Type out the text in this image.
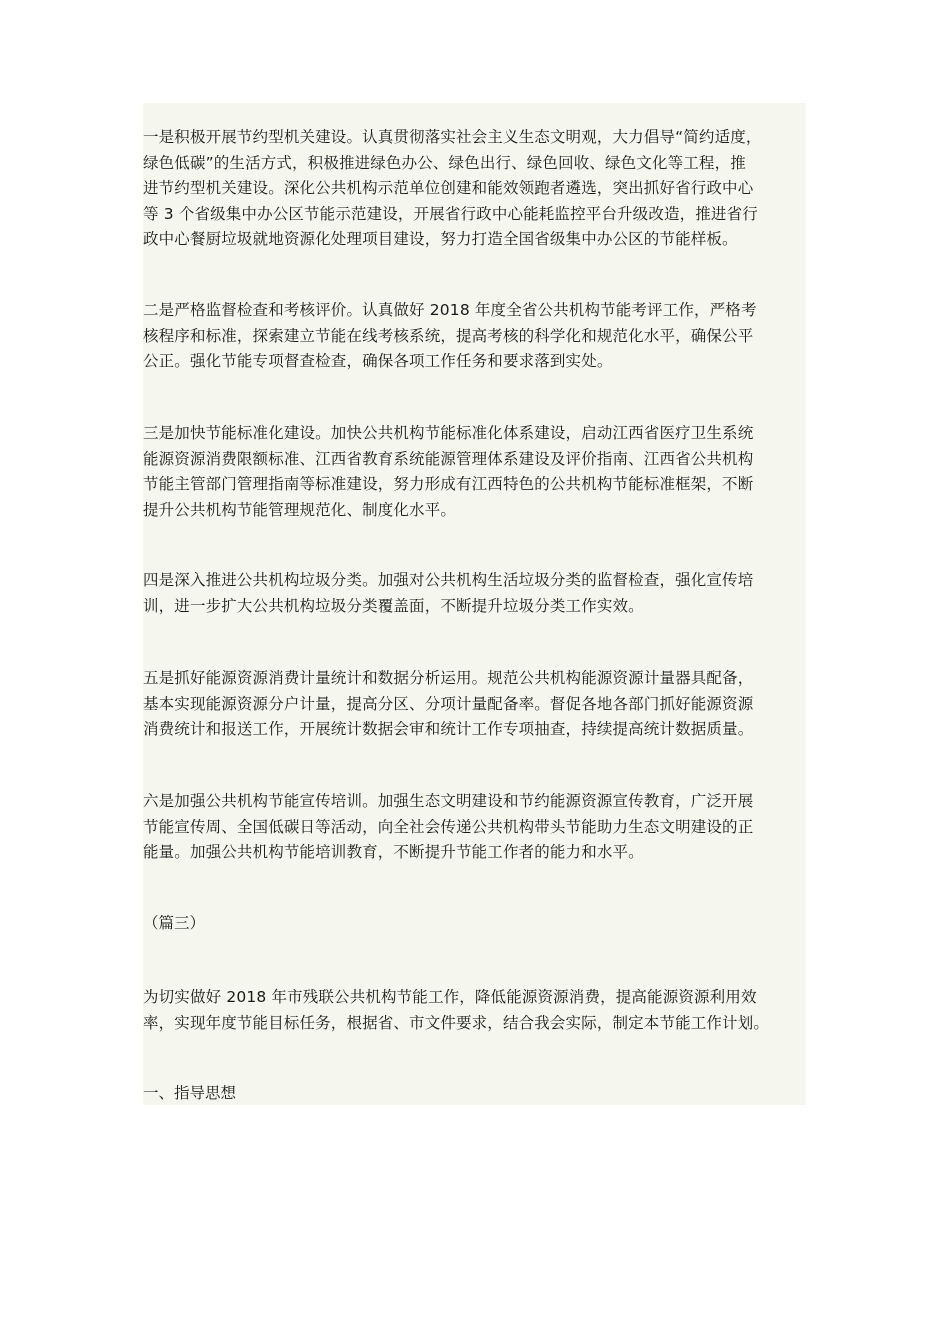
一是积极开展节约型机关建设。认真贯彻落实社会主义生态文明观，大力倡导“简约适度，
绿色低碳”的生活方式，积极推进绿色办公、绿色出行、绿色回收、绿色文化等工程，推
进节约型机关建设。深化公共机构示范单位创建和能效领跑者遴选，突出抓好省行政中心
等 3 个省级集中办公区节能示范建设，开展省行政中心能耗监控平台升级改造，推进省行
政中心餐厨垃圾就地资源化处理项目建设，努力打造全国省级集中办公区的节能样板。

二是严格监督检查和考核评价。认真做好 2018 年度全省公共机构节能考评工作，严格考
核程序和标准，探索建立节能在线考核系统，提高考核的科学化和规范化水平，确保公平
公正。强化节能专项督查检查，确保各项工作任务和要求落到实处。

三是加快节能标准化建设。加快公共机构节能标准化体系建设，启动江西省医疗卫生系统
能源资源消费限额标准、江西省教育系统能源管理体系建设及评价指南、江西省公共机构
节能主管部门管理指南等标准建设，努力形成有江西特色的公共机构节能标准框架，不断
提升公共机构节能管理规范化、制度化水平。

四是深入推进公共机构垃圾分类。加强对公共机构生活垃圾分类的监督检查，强化宣传培
训，进一步扩大公共机构垃圾分类覆盖面，不断提升垃圾分类工作实效。

五是抓好能源资源消费计量统计和数据分析运用。规范公共机构能源资源计量器具配备，
基本实现能源资源分户计量，提高分区、分项计量配备率。督促各地各部门抓好能源资源
消费统计和报送工作，开展统计数据会审和统计工作专项抽查，持续提高统计数据质量。

六是加强公共机构节能宣传培训。加强生态文明建设和节约能源资源宣传教育，广泛开展
节能宣传周、全国低碳日等活动，向全社会传递公共机构带头节能助力生态文明建设的正
能量。加强公共机构节能培训教育，不断提升节能工作者的能力和水平。

（篇三）

为切实做好 2018 年市残联公共机构节能工作，降低能源资源消费，提高能源资源利用效
率，实现年度节能目标任务，根据省、市文件要求，结合我会实际，制定本节能工作计划。

一、指导思想
